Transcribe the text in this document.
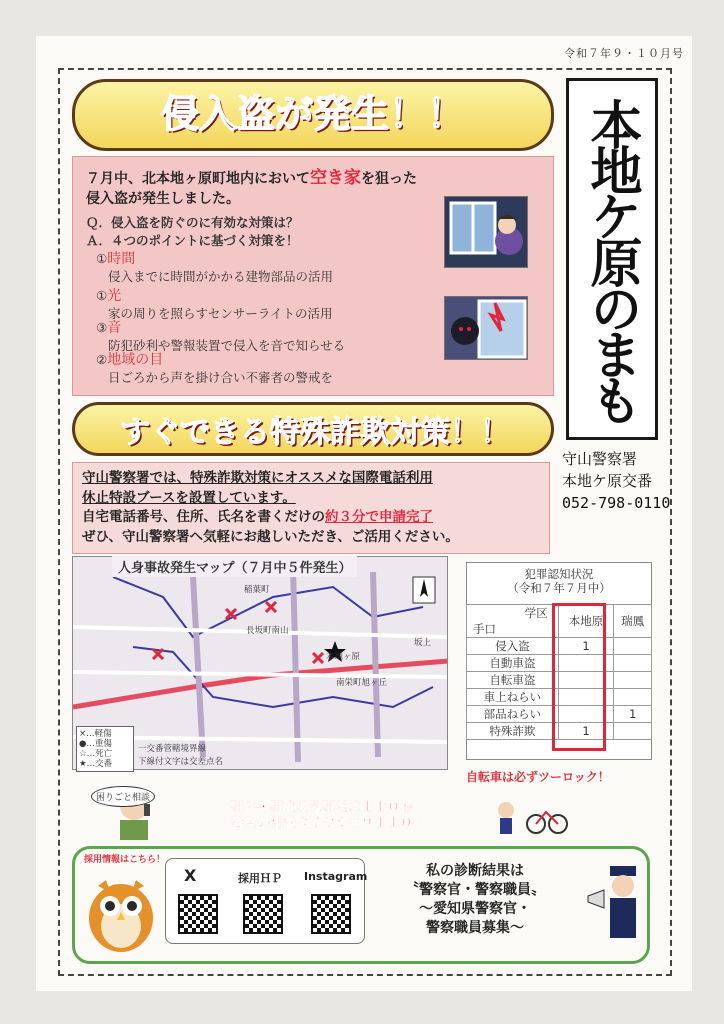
令和７年９・１０月号
本地ケ原のまも
守山警察署
本地ケ原交番
052-798-0110
侵入盗が発生！！
７月中、北本地ヶ原町地内において空き家を狙った
侵入盗が発生しました。
Ｑ．侵入盗を防ぐのに有効な対策は？
Ａ．４つのポイントに基づく対策を！
①時間
侵入までに時間がかかる建物部品の活用
①光
家の周りを照らすセンサーライトの活用
③音
防犯砂利や警報装置で侵入を音で知らせる
②地域の目
日ごろから声を掛け合い不審者の警戒を
すぐできる特殊詐欺対策！！
守山警察署では、特殊詐欺対策にオススメな国際電話利用
休止特設ブースを設置しています。
自宅電話番号、住所、氏名を書くだけの約３分で申請完了
ぜひ、守山警察署へ気軽にお越しいただき、ご活用ください。
人身事故発生マップ（７月中５件発生）
稲葉町
長坂町南山
南栄町旭ヶ丘
本地ヶ原
坂上
×…軽傷
●…重傷
☆…死亡
★…交番
一交番管轄境界線
下線付文字は交差点名
犯罪認知状況
（令和７年７月中）
学区
手口	本地原	瑞鳳
侵入盗	1	
自動車盗		
自転車盗		
車上ねらい		
部品ねらい		1
特殊詐欺	1	
自転車は必ずツーロック！
困りごと相談
事件・事故緊急事案は１１０番
〜警察の相談ダイヤル＃９１１０〜
採用情報はこちら！
X	採用ＨＰ Instagram	私の診断結果は
〝警察官・警察職員〟
〜愛知県警察官・
警察職員募集〜
